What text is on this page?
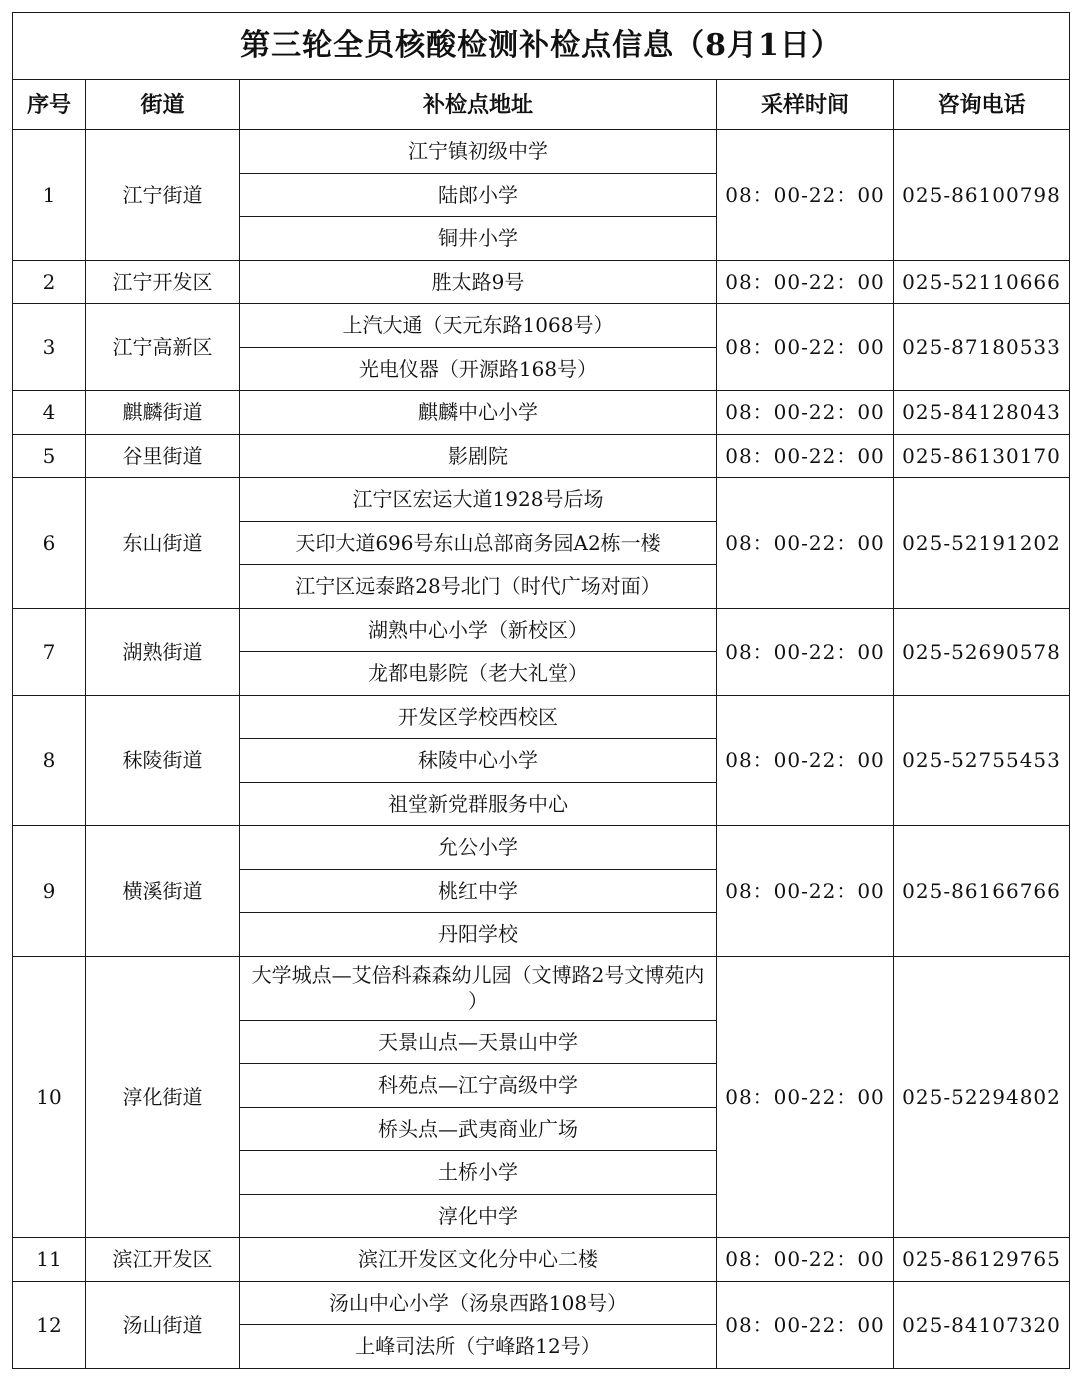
第三轮全员核酸检测补检点信息（8月1日）				
序号	街道	补检点地址	采样时间	咨询电话
1	江宁街道	江宁镇初级中学	08：00-22：00	025-86100798
		陆郎小学		
		铜井小学		
2	江宁开发区	胜太路9号	08：00-22：00	025-52110666
3	江宁高新区	上汽大通（天元东路1068号）	08：00-22：00	025-87180533
		光电仪器（开源路168号）		
4	麒麟街道	麒麟中心小学	08：00-22：00	025-84128043
5	谷里街道	影剧院	08：00-22：00	025-86130170
6	东山街道	江宁区宏运大道1928号后场	08：00-22：00	025-52191202
		天印大道696号东山总部商务园A2栋一楼		
		江宁区远泰路28号北门（时代广场对面）		
7	湖熟街道	湖熟中心小学（新校区）	08：00-22：00	025-52690578
		龙都电影院（老大礼堂）		
8	秣陵街道	开发区学校西校区	08：00-22：00	025-52755453
		秣陵中心小学		
		祖堂新党群服务中心		
9	横溪街道	允公小学	08：00-22：00	025-86166766
		桃红中学		
		丹阳学校		
10	淳化街道	大学城点—艾倍科森森幼儿园（文博路2号文博苑内 ）	08：00-22：00	025-52294802
		天景山点—天景山中学		
		科苑点—江宁高级中学		
		桥头点—武夷商业广场		
		土桥小学		
		淳化中学		
11	滨江开发区	滨江开发区文化分中心二楼	08：00-22：00	025-86129765
12	汤山街道	汤山中心小学（汤泉西路108号）	08：00-22：00	025-84107320
		上峰司法所（宁峰路12号）		
